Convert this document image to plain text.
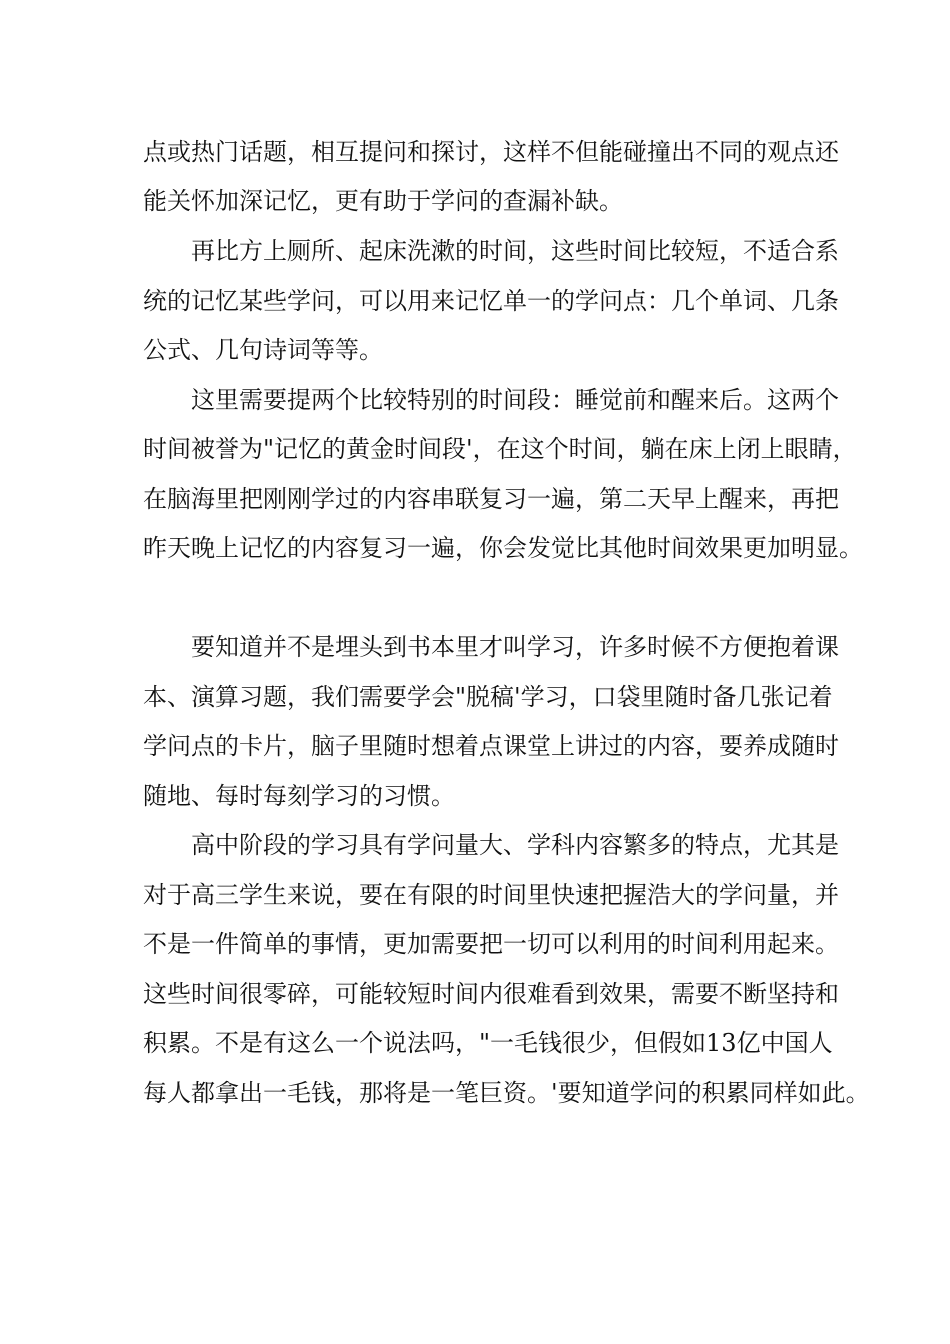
点或热门话题，相互提问和探讨，这样不但能碰撞出不同的观点还
能关怀加深记忆，更有助于学问的查漏补缺。
再比方上厕所、起床洗漱的时间，这些时间比较短，不适合系
统的记忆某些学问，可以用来记忆单一的学问点：几个单词、几条
公式、几句诗词等等。
这里需要提两个比较特别的时间段：睡觉前和醒来后。这两个
时间被誉为"记忆的黄金时间段'，在这个时间，躺在床上闭上眼睛，
在脑海里把刚刚学过的内容串联复习一遍，第二天早上醒来，再把
昨天晚上记忆的内容复习一遍，你会发觉比其他时间效果更加明显。
要知道并不是埋头到书本里才叫学习，许多时候不方便抱着课
本、演算习题，我们需要学会"脱稿'学习，口袋里随时备几张记着
学问点的卡片，脑子里随时想着点课堂上讲过的内容，要养成随时
随地、每时每刻学习的习惯。
高中阶段的学习具有学问量大、学科内容繁多的特点，尤其是
对于高三学生来说，要在有限的时间里快速把握浩大的学问量，并
不是一件简单的事情，更加需要把一切可以利用的时间利用起来。
这些时间很零碎，可能较短时间内很难看到效果，需要不断坚持和
积累。不是有这么一个说法吗，"一毛钱很少，但假如13亿中国人
每人都拿出一毛钱，那将是一笔巨资。'要知道学问的积累同样如此。
